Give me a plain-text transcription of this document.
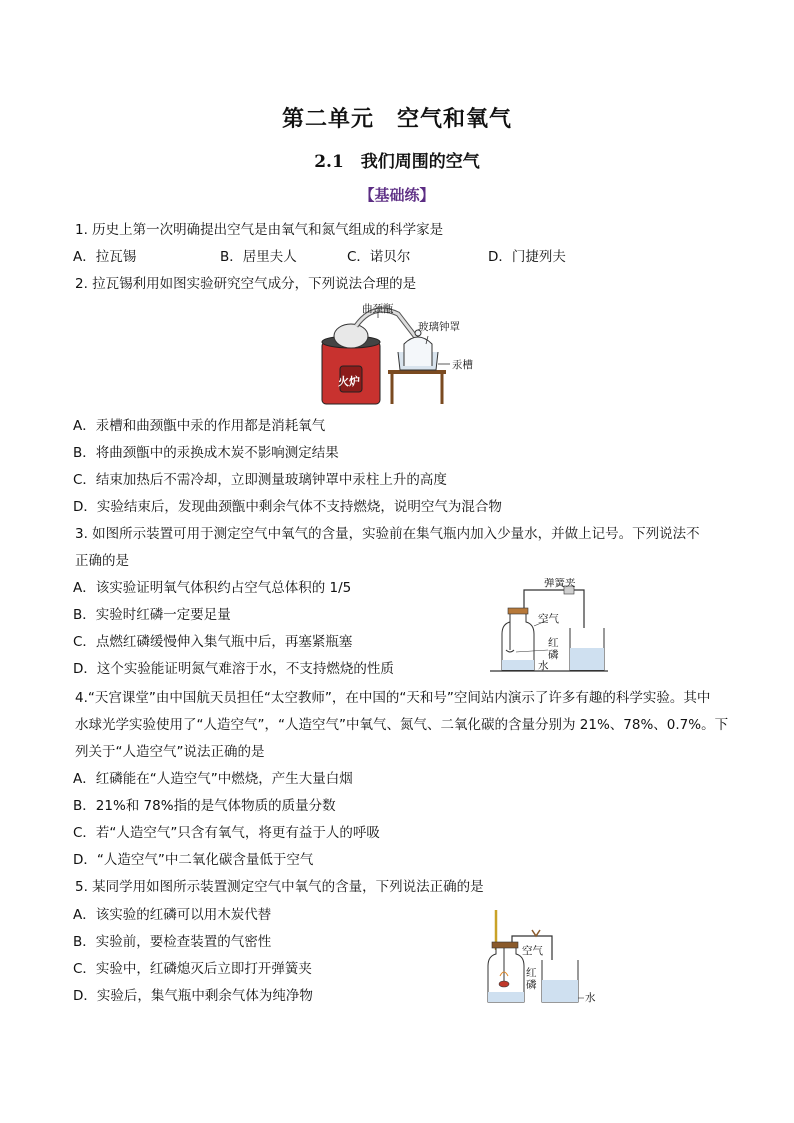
第二单元　空气和氧气
2.1　我们周围的空气
【基础练】
1. 历史上第一次明确提出空气是由氧气和氮气组成的科学家是
A．拉瓦锡	B．居里夫人	C．诺贝尔	D．门捷列夫
2. 拉瓦锡利用如图实验研究空气成分，下列说法合理的是
火炉
曲颈甑
玻璃钟罩
汞槽
A．汞槽和曲颈甑中汞的作用都是消耗氧气
B．将曲颈甑中的汞换成木炭不影响测定结果
C．结束加热后不需冷却，立即测量玻璃钟罩中汞柱上升的高度
D．实验结束后，发现曲颈甑中剩余气体不支持燃烧，说明空气为混合物
3. 如图所示装置可用于测定空气中氧气的含量，实验前在集气瓶内加入少量水，并做上记号。下列说法不
正确的是
A．该实验证明氧气体积约占空气总体积的 1/5
B．实验时红磷一定要足量
C．点燃红磷缓慢伸入集气瓶中后，再塞紧瓶塞
D．这个实验能证明氮气难溶于水，不支持燃烧的性质
弹簧夹
空气
红
磷
水
4.“天宫课堂”由中国航天员担任“太空教师”，在中国的“天和号”空间站内演示了许多有趣的科学实验。其中
水球光学实验使用了“人造空气”，“人造空气”中氧气、氮气、二氧化碳的含量分别为 21%、78%、0.7%。下
列关于“人造空气”说法正确的是
A．红磷能在“人造空气”中燃烧，产生大量白烟
B．21%和 78%指的是气体物质的质量分数
C．若“人造空气”只含有氧气，将更有益于人的呼吸
D．“人造空气”中二氧化碳含量低于空气
5. 某同学用如图所示装置测定空气中氧气的含量，下列说法正确的是
A．该实验的红磷可以用木炭代替
B．实验前，要检查装置的气密性
C．实验中，红磷熄灭后立即打开弹簧夹
D．实验后，集气瓶中剩余气体为纯净物
空气
红
磷
水
